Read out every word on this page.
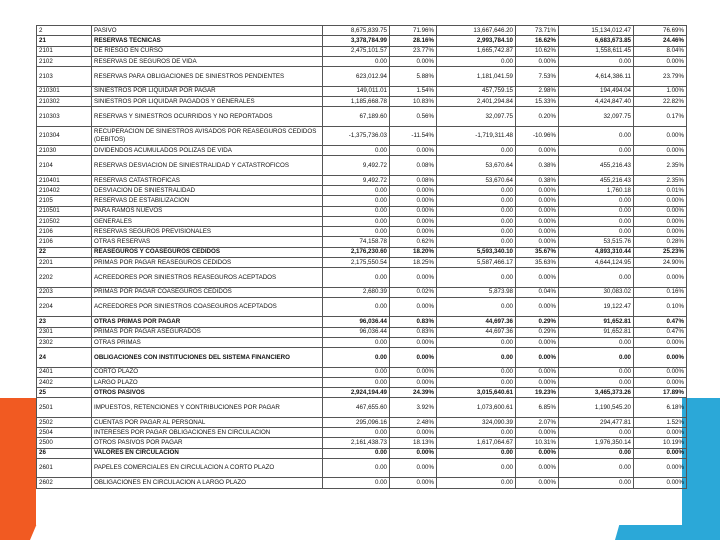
2	PASIVO	8,675,839.75	71.96%	13,667,646.20	73.71%	15,134,012.47	76.69%
21	RESERVAS TECNICAS	3,378,784.99	28.16%	2,993,784.10	16.62%	6,683,673.85	24.46%
2101	DE RIESGO EN CURSO	2,475,101.57	23.77%	1,665,742.87	10.62%	1,558,611.45	8.04%
2102	RESERVAS DE SEGUROS DE VIDA	0.00	0.00%	0.00	0.00%	0.00	0.00%
2103	RESERVAS PARA OBLIGACIONES DE SINIESTROS PENDIENTES	623,012.94	5.88%	1,181,041.59	7.53%	4,614,386.11	23.79%
210301	SINIESTROS POR LIQUIDAR POR PAGAR	149,011.01	1.54%	457,759.15	2.98%	194,494.04	1.00%
210302	SINIESTROS POR LIQUIDAR PAGADOS Y GENERALES	1,185,668.78	10.83%	2,401,294.84	15.33%	4,424,847.40	22.82%
210303	RESERVAS Y SINIESTROS OCURRIDOS Y NO REPORTADOS	67,189.60	0.56%	32,097.75	0.20%	32,097.75	0.17%
210304	RECUPERACION DE SINIESTROS AVISADOS POR REASEGUROS CEDIDOS (DEBITOS)	-1,375,736.03	-11.54%	-1,719,311.48	-10.96%	0.00	0.00%
21030	DIVIDENDOS ACUMULADOS POLIZAS DE VIDA	0.00	0.00%	0.00	0.00%	0.00	0.00%
2104	RESERVAS DESVIACION DE SINIESTRALIDAD Y CATASTROFICOS	9,492.72	0.08%	53,670.64	0.38%	455,216.43	2.35%
210401	RESERVAS CATASTROFICAS	9,492.72	0.08%	53,670.64	0.38%	455,216.43	2.35%
210402	DESVIACION DE SINIESTRALIDAD	0.00	0.00%	0.00	0.00%	1,760.18	0.01%
2105	RESERVAS DE ESTABILIZACION	0.00	0.00%	0.00	0.00%	0.00	0.00%
210501	PARA RAMOS NUEVOS	0.00	0.00%	0.00	0.00%	0.00	0.00%
210502	GENERALES	0.00	0.00%	0.00	0.00%	0.00	0.00%
2106	RESERVAS SEGUROS PREVISIONALES	0.00	0.00%	0.00	0.00%	0.00	0.00%
2106	OTRAS RESERVAS	74,158.78	0.62%	0.00	0.00%	53,515.76	0.28%
22	REASEGUROS Y COASEGUROS CEDIDOS	2,176,230.60	18.20%	5,593,340.10	35.67%	4,893,310.44	25.23%
2201	PRIMAS POR PAGAR REASEGUROS CEDIDOS	2,175,550.54	18.25%	5,587,466.17	35.63%	4,644,124.95	24.90%
2202	ACREEDORES POR SINIESTROS REASEGUROS ACEPTADOS	0.00	0.00%	0.00	0.00%	0.00	0.00%
2203	PRIMAS POR PAGAR COASEGUROS CEDIDOS	2,680.39	0.02%	5,873.98	0.04%	30,083.02	0.16%
2204	ACREEDORES POR SINIESTROS COASEGUROS ACEPTADOS	0.00	0.00%	0.00	0.00%	19,122.47	0.10%
23	OTRAS PRIMAS POR PAGAR	96,036.44	0.83%	44,697.36	0.29%	91,652.81	0.47%
2301	PRIMAS POR PAGAR ASEGURADOS	96,036.44	0.83%	44,697.36	0.29%	91,652.81	0.47%
2302	OTRAS PRIMAS	0.00	0.00%	0.00	0.00%	0.00	0.00%
24	OBLIGACIONES CON INSTITUCIONES DEL SISTEMA FINANCIERO	0.00	0.00%	0.00	0.00%	0.00	0.00%
2401	CORTO PLAZO	0.00	0.00%	0.00	0.00%	0.00	0.00%
2402	LARGO PLAZO	0.00	0.00%	0.00	0.00%	0.00	0.00%
25	OTROS PASIVOS	2,924,194.49	24.39%	3,015,640.61	19.23%	3,465,373.26	17.89%
2501	IMPUESTOS, RETENCIONES Y CONTRIBUCIONES POR PAGAR	467,655.60	3.92%	1,073,600.61	6.85%	1,190,545.20	6.18%
2502	CUENTAS POR PAGAR AL PERSONAL	295,096.16	2.48%	324,090.39	2.07%	294,477.81	1.52%
2504	INTERESES POR PAGAR OBLIGACIONES EN CIRCULACION	0.00	0.00%	0.00	0.00%	0.00	0.00%
2500	OTROS PASIVOS POR PAGAR	2,161,438.73	18.13%	1,617,064.67	10.31%	1,976,350.14	10.19%
26	VALORES EN CIRCULACION	0.00	0.00%	0.00	0.00%	0.00	0.00%
2601	PAPELES COMERCIALES EN CIRCULACION A CORTO PLAZO	0.00	0.00%	0.00	0.00%	0.00	0.00%
2602	OBLIGACIONES EN CIRCULACION A LARGO PLAZO	0.00	0.00%	0.00	0.00%	0.00	0.00%
